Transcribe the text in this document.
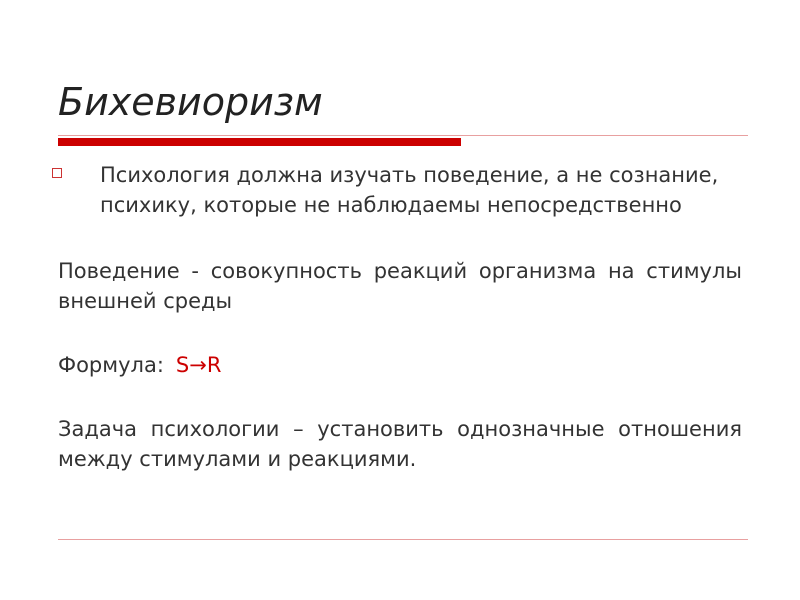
Бихевиоризм
Психология должна изучать поведение, а не сознание, психику, которые не наблюдаемы непосредственно
Поведение - совокупность реакций организма на стимулы внешней среды
Формула: S→R
Задача психологии – установить однозначные отношения между стимулами и реакциями.
